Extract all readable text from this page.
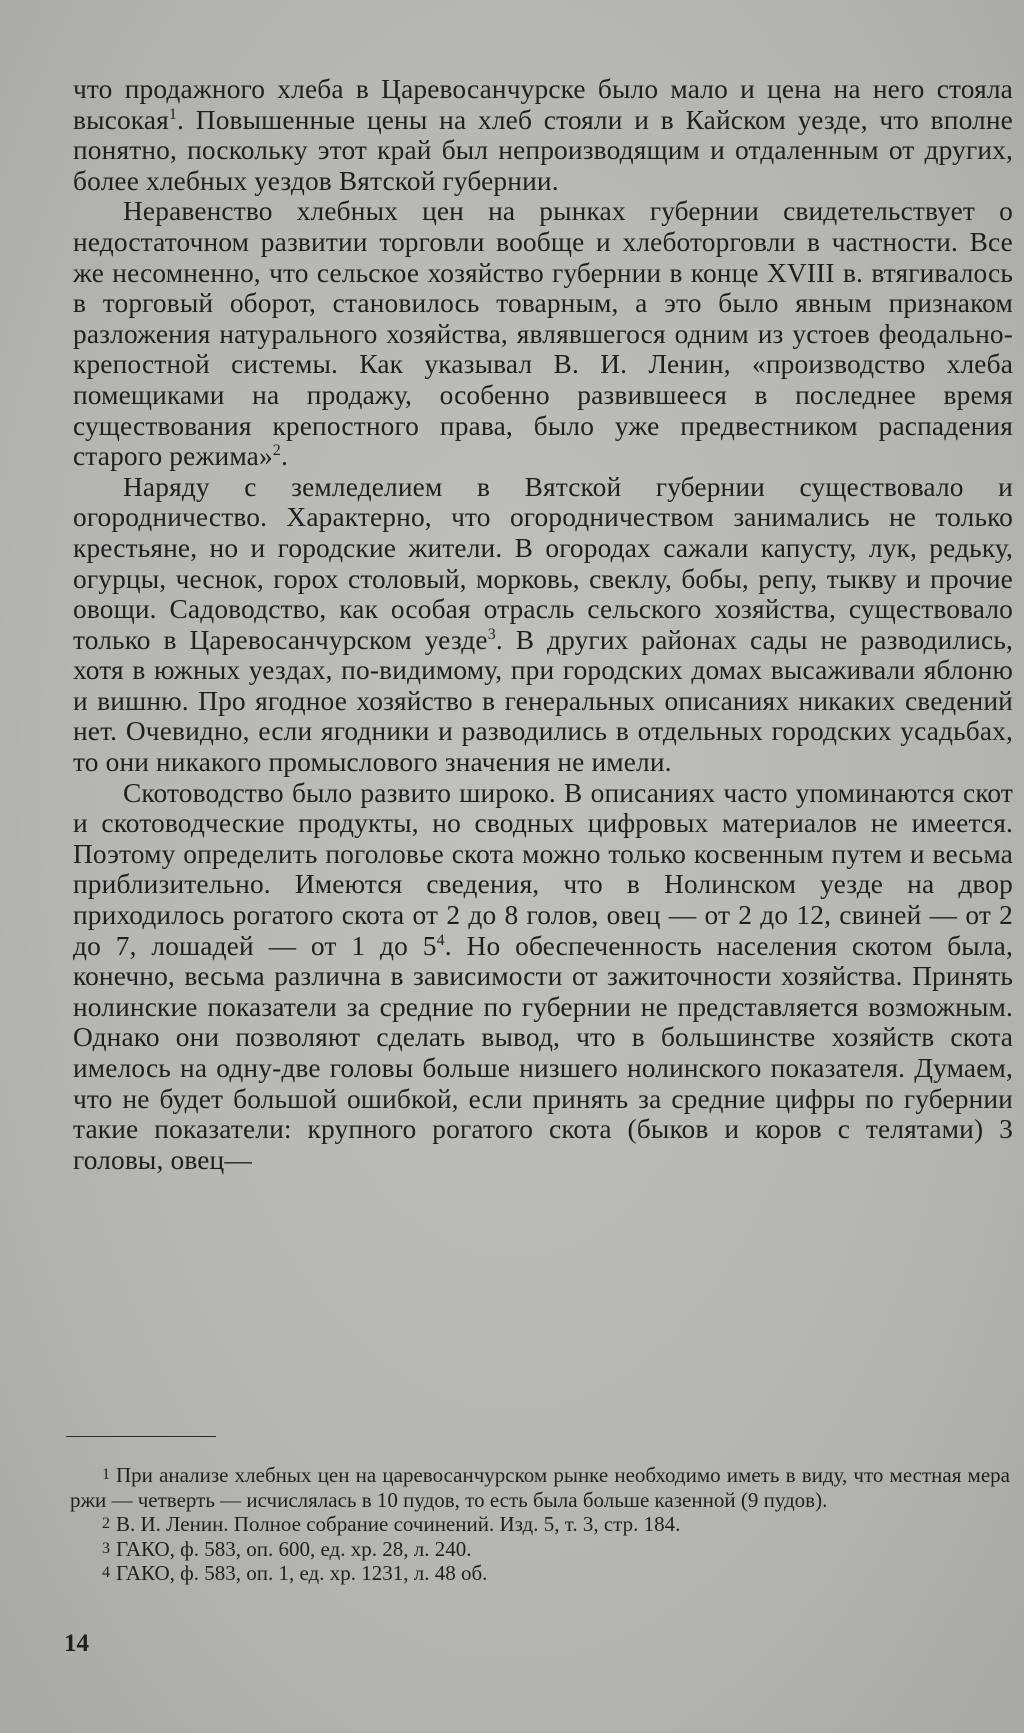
что продажного хлеба в Царевосанчурске было мало и цена на него стояла высокая$^1$. Повышенные цены на хлеб стояли и в Кайском уезде, что вполне понятно, поскольку этот край был непроизводящим и отдаленным от других, более хлебных уездов Вятской губернии.

Неравенство хлебных цен на рынках губернии свидетельствует о недостаточном развитии торговли вообще и хлеботорговли в частности. Все же несомненно, что сельское хозяйство губернии в конце XVIII в. втягивалось в торговый оборот, становилось товарным, а это было явным признаком разложения натурального хозяйства, являвшегося одним из устоев феодально-крепостной системы. Как указывал В. И. Ленин, «производство хлеба помещиками на продажу, особенно развившееся в последнее время существования крепостного права, было уже предвестником распадения старого режима»$^2$.

Наряду с земледелием в Вятской губернии существовало и огородничество. Характерно, что огородничеством занимались не только крестьяне, но и городские жители. В огородах сажали капусту, лук, редьку, огурцы, чеснок, горох столовый, морковь, свеклу, бобы, репу, тыкву и прочие овощи. Садоводство, как особая отрасль сельского хозяйства, существовало только в Царевосанчурском уезде$^3$. В других районах сады не разводились, хотя в южных уездах, по-видимому, при городских домах высаживали яблоню и вишню. Про ягодное хозяйство в генеральных описаниях никаких сведений нет. Очевидно, если ягодники и разводились в отдельных городских усадьбах, то они никакого промыслового значения не имели.

Скотоводство было развито широко. В описаниях часто упоминаются скот и скотоводческие продукты, но сводных цифровых материалов не имеется. Поэтому определить поголовье скота можно только косвенным путем и весьма приблизительно. Имеются сведения, что в Нолинском уезде на двор приходилось рогатого скота от 2 до 8 голов, овец — от 2 до 12, свиней — от 2 до 7, лошадей — от 1 до $5^4$. Но обеспеченность населения скотом была, конечно, весьма различна в зависимости от зажиточности хозяйства. Принять нолинские показатели за средние по губернии не представляется возможным. Однако они позволяют сделать вывод, что в большинстве хозяйств скота имелось на одну-две головы больше низшего нолинского показателя. Думаем, что не будет большой ошибкой, если принять за средние цифры по губернии такие показатели: крупного рогатого скота (быков и коров с телятами) 3 головы, овец—

1 При анализе хлебных цен на царевосанчурском рынке необходимо иметь в виду, что местная мера ржи — четверть — исчислялась в 10 пудов, то есть была больше казенной (9 пудов).

2 В. И. Ленин. Полное собрание сочинений. Изд. 5, т. 3, стр. 184.

3 ГАКО, ф. 583, оп. 600, ед. хр. 28, л. 240.

4 ГАКО, ф. 583, оп. 1, ед. хр. 1231, л. 48 об.

14
